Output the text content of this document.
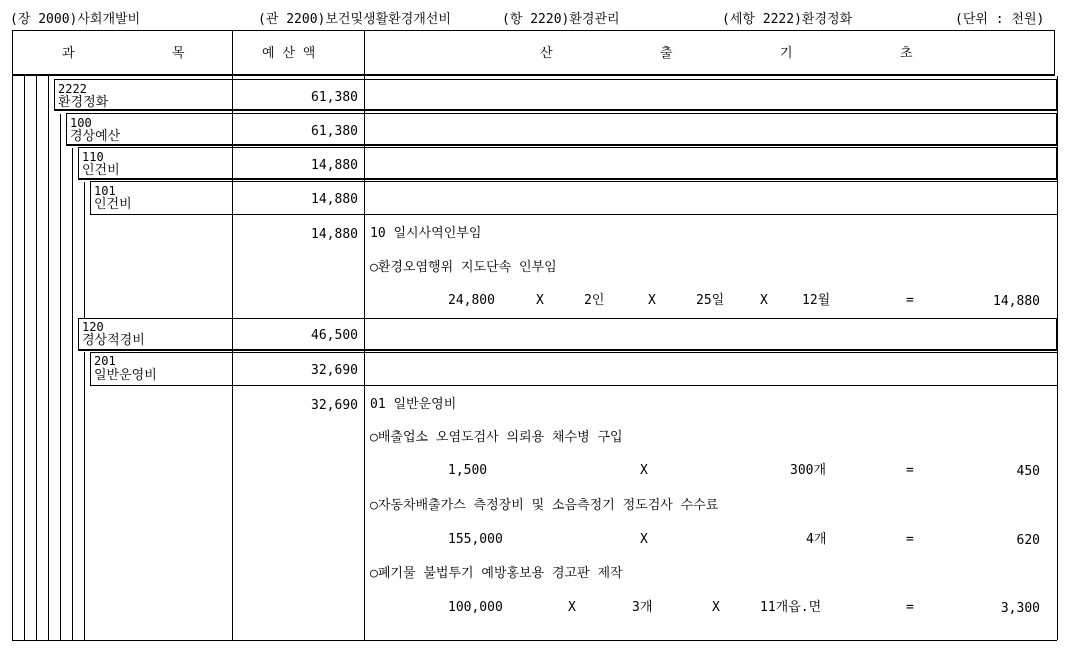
(장 2000)사회개발비	(관 2200)보건및생활환경개선비	(항 2220)환경관리	(세항 2222)환경정화	(단위 : 천원)
과	목	예 산 액	산	출	기	초
2222
환경정화	61,380
100
경상예산	61,380
110
인건비	14,880
101
인건비	14,880
14,880 10 일시사역인부임
○환경오염행위 지도단속 인부임
24,800	X	2인	X	25일	X	12월	=	14,880
120
경상적경비	46,500
201
일반운영비	32,690
32,690 01 일반운영비
○배출업소 오염도검사 의뢰용 채수병 구입
1,500	X	300개	=	450
○자동차배출가스 측정장비 및 소음측정기 정도검사 수수료
155,000	X	4개	=	620
○폐기물 불법투기 예방홍보용 경고판 제작
100,000	X	3개	X	11개읍.면	=	3,300
